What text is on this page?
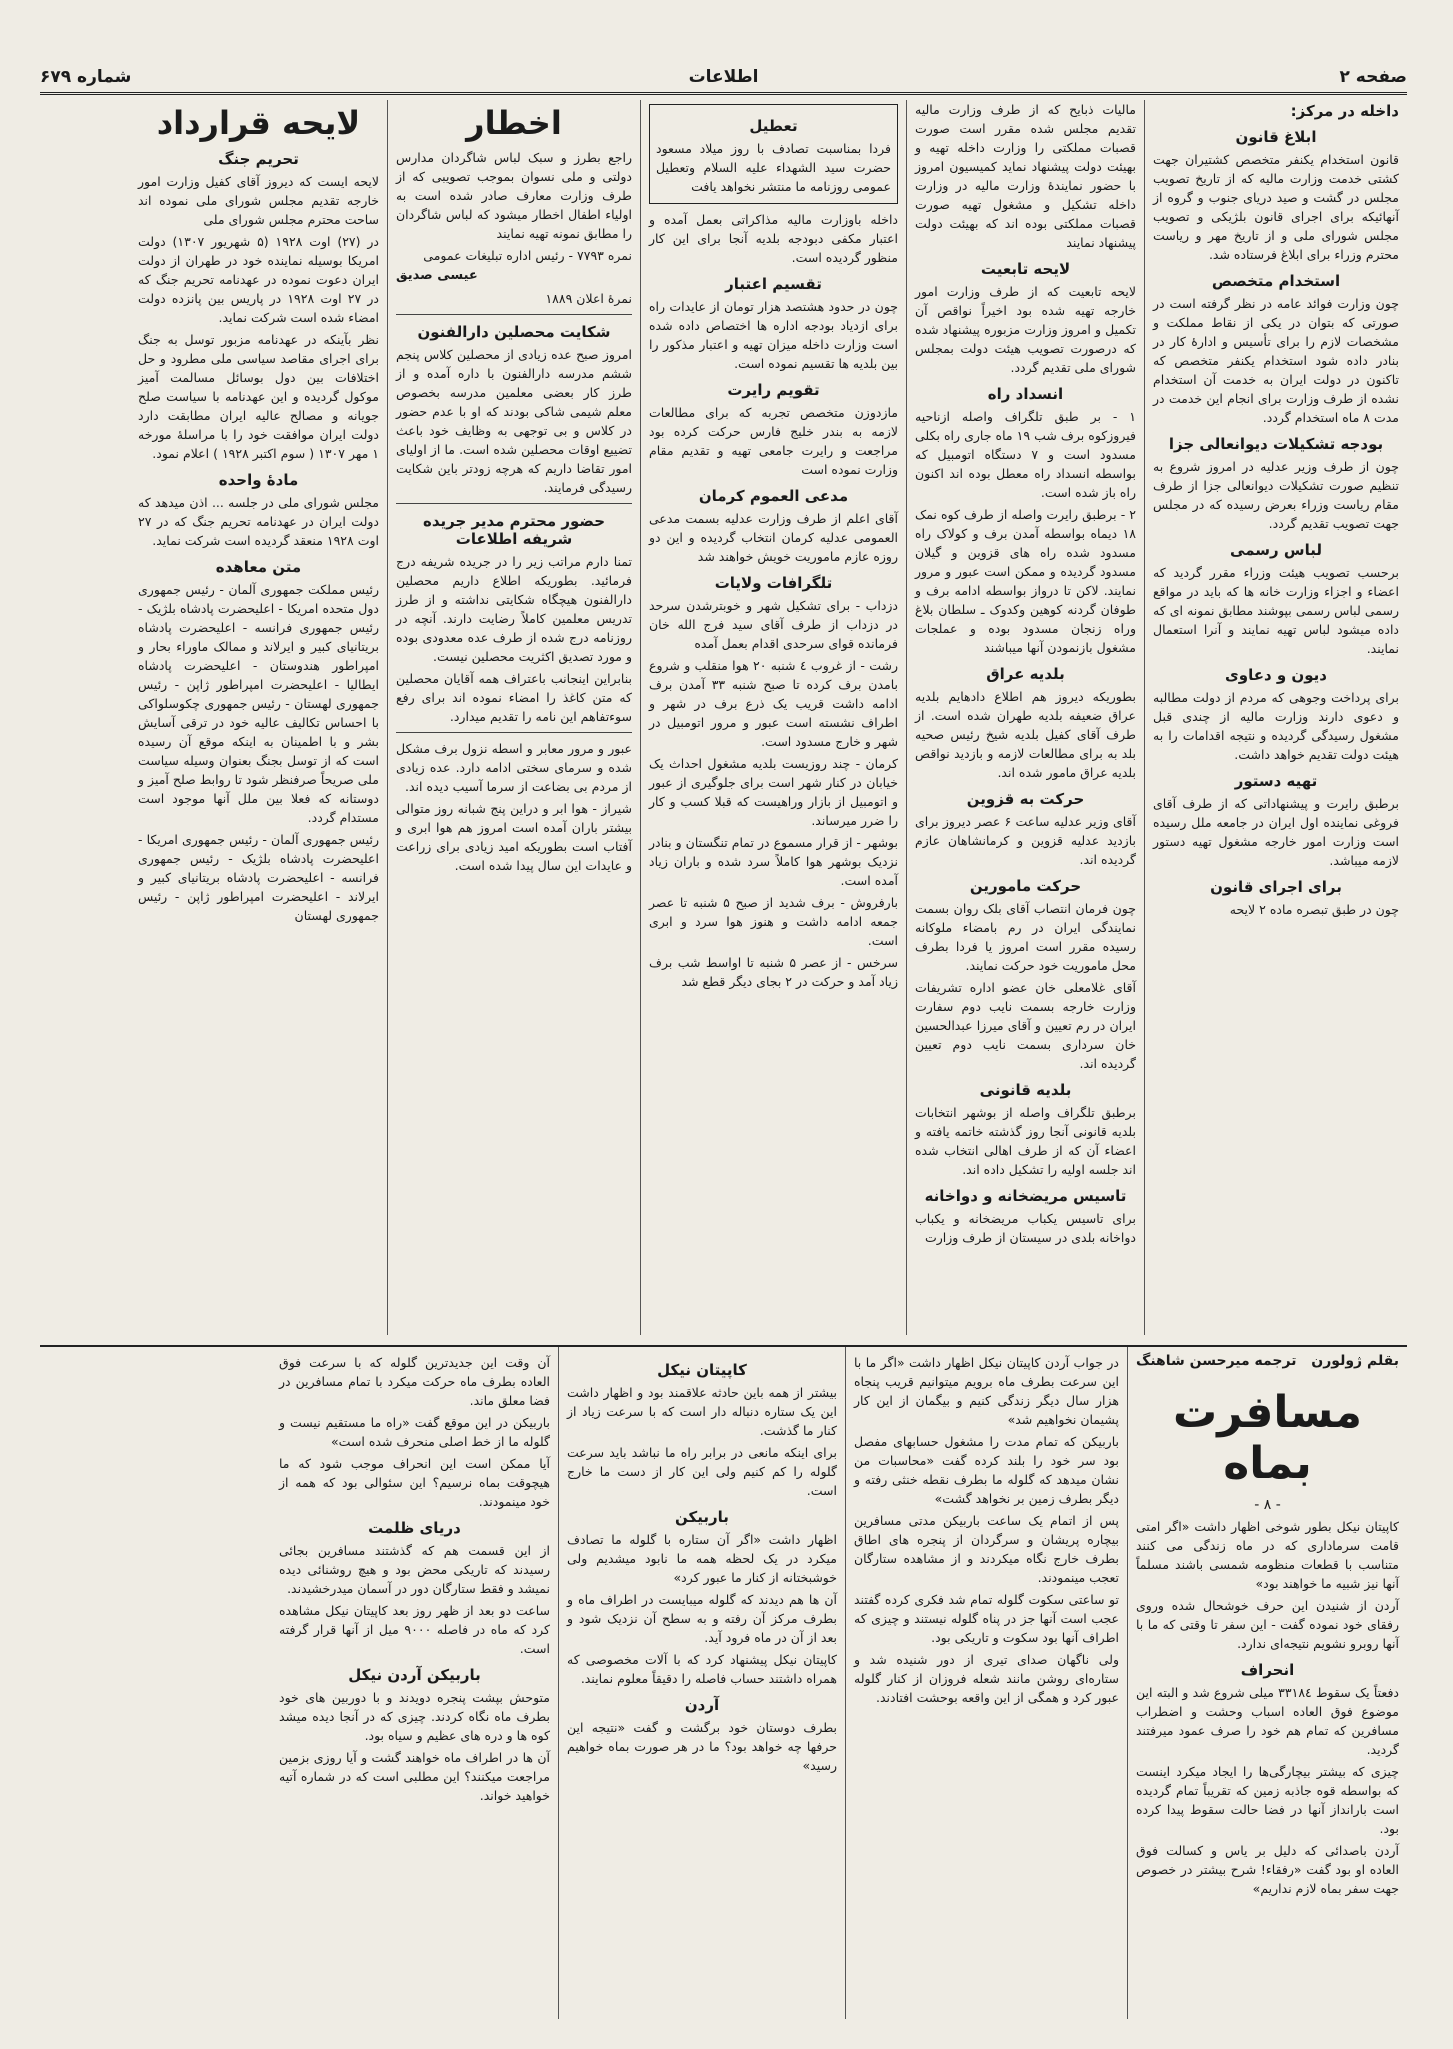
صفحه ۲
اطلاعات
شماره ۶۷۹
داخله در مرکز:
ابلاغ قانون

قانون استخدام یکنفر متخصص کشتیران جهت کشتی خدمت وزارت مالیه که از تاریخ تصویب مجلس در گشت و صید دریای جنوب و گروه از آنهائیکه برای اجرای قانون بلژیکی و تصویب مجلس شورای ملی و از تاریخ مهر و ریاست محترم وزراء برای ابلاغ فرستاده شد.

استخدام متخصص

چون وزارت فوائد عامه در نظر گرفته است در صورتی که بتوان در یکی از نقاط مملکت و مشخصات لازم را برای تأسیس و ادارهٔ کار در بنادر داده شود استخدام یکنفر متخصص که تاکنون در دولت ایران به خدمت آن استخدام نشده از طرف وزارت برای انجام این خدمت در مدت ۸ ماه استخدام گردد.

بودجه تشکیلات دیوانعالی جزا

چون از طرف وزیر عدلیه در امروز شروع به تنظیم صورت تشکیلات دیوانعالی جزا از طرف مقام ریاست وزراء بعرض رسیده که در مجلس جهت تصویب تقدیم گردد.

لباس رسمی

برحسب تصویب هیئت وزراء مقرر گردید که اعضاء و اجزاء وزارت خانه ها که باید در مواقع رسمی لباس رسمی بپوشند مطابق نمونه ای که داده میشود لباس تهیه نمایند و آنرا استعمال نمایند.

دیون و دعاوی

برای پرداخت وجوهی که مردم از دولت مطالبه و دعوی دارند وزارت مالیه از چندی قبل مشغول رسیدگی گردیده و نتیجه اقدامات را به هیئت دولت تقدیم خواهد داشت.

تهیه دستور

برطبق رایرت و پیشنهاداتی که از طرف آقای فروغی نماینده اول ایران در جامعه ملل رسیده است وزارت امور خارجه مشغول تهیه دستور لازمه میباشد.

برای اجرای قانون

چون در طبق تبصره ماده ۲ لایحه

مالیات ذبایح که از طرف وزارت مالیه تقدیم مجلس شده مقرر است صورت قصبات مملکتی را وزارت داخله تهیه و بهیئت دولت پیشنهاد نماید کمیسیون امروز با حضور نمایندهٔ وزارت مالیه در وزارت داخله تشکیل و مشغول تهیه صورت قصبات مملکتی بوده اند که بهیئت دولت پیشنهاد نمایند

لایحه تابعیت

لایحه تابعیت که از طرف وزارت امور خارجه تهیه شده بود اخیراً نواقص آن تکمیل و امروز وزارت مزبوره پیشنهاد شده که درصورت تصویب هیئت دولت بمجلس شورای ملی تقدیم گردد.

انسداد راه

۱ - بر طبق تلگراف واصله ازناحیه فیروزکوه برف شب ۱۹ ماه جاری راه بکلی مسدود است و ۷ دستگاه اتومبیل که بواسطه انسداد راه معطل بوده اند اکنون راه باز شده است.

۲ - برطبق رایرت واصله از طرف کوه نمک ۱۸ دیماه بواسطه آمدن برف و کولاک راه مسدود شده راه های قزوین و گیلان مسدود گردیده و ممکن است عبور و مرور نمایند. لاکن تا درواز بواسطه ادامه برف و طوفان گردنه کوهین وکدوک ـ سلطان بلاغ وراه زنجان مسدود بوده و عملجات مشغول بازنمودن آنها میباشند

بلدیه عراق

بطوریکه دیروز هم اطلاع دادهایم بلدیه عراق ضعیفه بلدیه طهران شده است. از طرف آقای کفیل بلدیه شیخ رئیس صحیه بلد به برای مطالعات لازمه و بازدید نواقص بلدیه عراق مامور شده اند.

حرکت به قزوین

آقای وزیر عدلیه ساعت ۶ عصر دیروز برای بازدید عدلیه قزوین و کرمانشاهان عازم گردیده اند.

حرکت مامورین

چون فرمان انتصاب آقای بلک روان بسمت نمایندگی ایران در رم بامضاء ملوکانه رسیده مقرر است امروز یا فردا بطرف محل ماموریت خود حرکت نمایند.

آقای غلامعلی خان عضو اداره تشریفات وزارت خارجه بسمت نایب دوم سفارت ایران در رم تعیین و آقای میرزا عبدالحسین خان سرداری بسمت نایب دوم تعیین گردیده اند.

بلدیه قانونی

برطبق تلگراف واصله از بوشهر انتخابات بلدیه قانونی آنجا روز گذشته خاتمه یافته و اعضاء آن که از طرف اهالی انتخاب شده اند جلسه اولیه را تشکیل داده اند.

تاسیس مریضخانه و دواخانه

برای تاسیس یکباب مریضخانه و یکباب دواخانه بلدی در سیستان از طرف وزارت

تعطیل

فردا بمناسبت تصادف با روز میلاد مسعود حضرت سید الشهداء علیه السلام وتعطیل عمومی روزنامه ما منتشر نخواهد یافت

داخله باوزارت مالیه مذاکراتی بعمل آمده و اعتبار مکفی دبودجه بلدیه آنجا برای این کار منظور گردیده است.

تقسیم اعتبار

چون در حدود هشتصد هزار تومان از عایدات راه برای ازدیاد بودجه اداره ها اختصاص داده شده است وزارت داخله میزان تهیه و اعتبار مذکور را بین بلدیه ها تقسیم نموده است.

تقویم رایرت

مازدوزن متخصص تجربه که برای مطالعات لازمه به بندر خلیج فارس حرکت کرده بود مراجعت و رایرت جامعی تهیه و تقدیم مقام وزارت نموده است

مدعی العموم کرمان

آقای اعلم از طرف وزارت عدلیه بسمت مدعی العمومی عدلیه کرمان انتخاب گردیده و این دو روزه عازم ماموریت خویش خواهند شد

تلگرافات ولایات

دزداب - برای تشکیل شهر و خوبترشدن سرحد در دزداب از طرف آقای سید فرج الله خان فرمانده قوای سرحدی اقدام بعمل آمده

رشت - از غروب ٤ شنبه ٢٠ هوا منقلب و شروع بامدن برف کرده تا صبح شنبه ٣٣ آمدن برف ادامه داشت قریب یک ذرع برف در شهر و اطراف نشسته است عبور و مرور اتومبیل در شهر و خارج مسدود است.

کرمان - چند روزیست بلدیه مشغول احداث یک خیابان در کنار شهر است برای جلوگیری از عبور و اتومبیل از بازار وراهیست که قبلا کسب و کار را ضرر میرساند.

بوشهر - از قرار مسموع در تمام تنگستان و بنادر نزدیک بوشهر هوا کاملاً سرد شده و باران زیاد آمده است.

بارفروش - برف شدید از صبح ۵ شنبه تا عصر جمعه ادامه داشت و هنوز هوا سرد و ابری است.

سرخس - از عصر ۵ شنبه تا اواسط شب برف زیاد آمد و حرکت در ۲ بجای دیگر قطع شد

اخطار

راجع بطرز و سبک لباس شاگردان مدارس دولتی و ملی نسوان بموجب تصویبی که از طرف وزارت معارف صادر شده است به اولیاء اطفال اخطار میشود که لباس شاگردان را مطابق نمونه تهیه نمایند

نمره ۷۷۹۳ - رئیس اداره تبلیغات عمومی

عیسی صدیق

نمرهٔ اعلان ۱۸۸۹

شکایت محصلین دارالفنون

امروز صبح عده زیادی از محصلین کلاس پنجم ششم مدرسه دارالفنون با داره آمده و از طرز کار بعضی معلمین مدرسه بخصوص معلم شیمی شاکی بودند که او با عدم حضور در کلاس و بی توجهی به وظایف خود باعث تضییع اوقات محصلین شده است. ما از اولیای امور تقاضا داریم که هرچه زودتر باین شکایت رسیدگی فرمایند.

حضور محترم مدیر جریده شریفه اطلاعات

تمنا دارم مراتب زیر را در جریده شریفه درج فرمائید. بطوریکه اطلاع داریم محصلین دارالفنون هیچگاه شکایتی نداشته و از طرز تدریس معلمین کاملاً رضایت دارند. آنچه در روزنامه درج شده از طرف عده معدودی بوده و مورد تصدیق اکثریت محصلین نیست.

بنابراین اینجانب باعتراف همه آقایان محصلین که متن کاغذ را امضاء نموده اند برای رفع سوءتفاهم این نامه را تقدیم میدارد.

عبور و مرور معابر و اسطه نزول برف مشکل شده و سرمای سختی ادامه دارد. عده زیادی از مردم بی بضاعت از سرما آسیب دیده اند.

شیراز - هوا ابر و دراین پنج شبانه روز متوالی بیشتر باران آمده است امروز هم هوا ابری و آفتاب است بطوریکه امید زیادی برای زراعت و عایدات این سال پیدا شده است.

لایحه قرارداد
تحریم جنگ

لایحه ایست که دیروز آقای کفیل وزارت امور خارجه تقدیم مجلس شورای ملی نموده اند ساحت محترم مجلس شورای ملی

در (۲۷) اوت ۱۹۲۸ (۵ شهریور ۱۳۰۷) دولت امریکا بوسیله نماینده خود در طهران از دولت ایران دعوت نموده در عهدنامه تحریم جنگ که در ۲۷ اوت ۱۹۲۸ در پاریس بین پانزده دولت امضاء شده است شرکت نماید.

نظر بآینکه در عهدنامه مزبور توسل به جنگ برای اجرای مقاصد سیاسی ملی مطرود و حل اختلافات بین دول بوسائل مسالمت آمیز موکول گردیده و این عهدنامه با سیاست صلح جویانه و مصالح عالیه ایران مطابقت دارد دولت ایران موافقت خود را با مراسلهٔ مورخه ۱ مهر ۱۳۰۷ ( سوم اکتبر ۱۹۲۸ ) اعلام نمود.

مادهٔ واحده

مجلس شورای ملی در جلسه ... اذن میدهد که دولت ایران در عهدنامه تحریم جنگ که در ۲۷ اوت ۱۹۲۸ منعقد گردیده است شرکت نماید.

متن معاهده

رئیس مملکت جمهوری آلمان - رئیس جمهوری دول متحده امریکا - اعلیحضرت پادشاه بلژیک - رئیس جمهوری فرانسه - اعلیحضرت پادشاه بریتانیای کبیر و ایرلاند و ممالک ماوراء بحار و امپراطور هندوستان - اعلیحضرت پادشاه ایطالیا - اعلیحضرت امپراطور ژاپن - رئیس جمهوری لهستان - رئیس جمهوری چکوسلواکی با احساس تکالیف عالیه خود در ترقی آسایش بشر و با اطمینان به اینکه موقع آن رسیده است که از توسل بجنگ بعنوان وسیله سیاست ملی صریحاً صرفنظر شود تا روابط صلح آمیز و دوستانه که فعلا بین ملل آنها موجود است مستدام گردد.

رئیس جمهوری آلمان - رئیس جمهوری امریکا - اعلیحضرت پادشاه بلژیک - رئیس جمهوری فرانسه - اعلیحضرت پادشاه بریتانیای کبیر و ایرلاند - اعلیحضرت امپراطور ژاپن - رئیس جمهوری لهستان

بقلم ژولورن
ترجمه میرحسن شاهنگ
مسافرت بماه
- ۸ -

کاپیتان نیکل بطور شوخی اظهار داشت «اگر امتی قامت سرماداری که در ماه زندگی می کنند متناسب با قطعات منظومه شمسی باشند مسلماً آنها نیز شبیه ما خواهند بود»

آردن از شنیدن این حرف خوشحال شده وروی رفقای خود نموده گفت - این سفر تا وقتی که ما با آنها روبرو نشویم نتیجه‌ای ندارد.

انحراف

دفعتاً یک سقوط ٣٣١٨٤ میلی شروع شد و البته این موضوع فوق العاده اسباب وحشت و اضطراب مسافرین که تمام هم خود را صرف عمود میرفتند گردید.

چیزی که بیشتر بیچارگی‌ها را ایجاد میکرد اینست که بواسطه قوه جاذبه زمین که تقریباً تمام گردیده است بارانداز آنها در فضا حالت سقوط پیدا کرده بود.

آردن باصدائی که دلیل بر یاس و کسالت فوق العاده او بود گفت «رفقاء! شرح بیشتر در خصوص جهت سفر بماه لازم نداریم»

در جواب آردن کاپیتان نیکل اظهار داشت «اگر ما با این سرعت بطرف ماه برویم میتوانیم قریب پنجاه هزار سال دیگر زندگی کنیم و بیگمان از این کار پشیمان نخواهیم شد»

باربیکن که تمام مدت را مشغول حسابهای مفصل بود سر خود را بلند کرده گفت «محاسبات من نشان میدهد که گلوله ما بطرف نقطه خنثی رفته و دیگر بطرف زمین بر نخواهد گشت»

پس از اتمام یک ساعت باربیکن مدتی مسافرین بیچاره پریشان و سرگردان از پنجره های اطاق بطرف خارج نگاه میکردند و از مشاهده ستارگان تعجب مینمودند.

تو ساعتی سکوت گلوله تمام شد فکری کرده گفتند عجب است آنها جز در پناه گلوله نیستند و چیزی که اطراف آنها بود سکوت و تاریکی بود.

ولی ناگهان صدای تیری از دور شنیده شد و ستاره‌ای روشن مانند شعله فروزان از کنار گلوله عبور کرد و همگی از این واقعه بوحشت افتادند.

کاپیتان نیکل

بیشتر از همه باین حادثه علاقمند بود و اظهار داشت این یک ستاره دنباله دار است که با سرعت زیاد از کنار ما گذشت.

برای اینکه مانعی در برابر راه ما نباشد باید سرعت گلوله را کم کنیم ولی این کار از دست ما خارج است.

باربیکن

اظهار داشت «اگر آن ستاره با گلوله ما تصادف میکرد در یک لحظه همه ما نابود میشدیم ولی خوشبختانه از کنار ما عبور کرد»

آن ها هم دیدند که گلوله میبایست در اطراف ماه و بطرف مرکز آن رفته و به سطح آن نزدیک شود و بعد از آن در ماه فرود آید.

کاپیتان نیکل پیشنهاد کرد که با آلات مخصوصی که همراه داشتند حساب فاصله را دقیقاً معلوم نمایند.

آردن

بطرف دوستان خود برگشت و گفت «نتیجه این حرفها چه خواهد بود؟ ما در هر صورت بماه خواهیم رسید»

آن وقت این جدیدترین گلوله که با سرعت فوق العاده بطرف ماه حرکت میکرد با تمام مسافرین در فضا معلق ماند.

باربیکن در این موقع گفت «راه ما مستقیم نیست و گلوله ما از خط اصلی منحرف شده است»

آیا ممکن است این انحراف موجب شود که ما هیچوقت بماه نرسیم؟ این سئوالی بود که همه از خود مینمودند.

دریای ظلمت

از این قسمت هم که گذشتند مسافرین بجائی رسیدند که تاریکی محض بود و هیچ روشنائی دیده نمیشد و فقط ستارگان دور در آسمان میدرخشیدند.

ساعت دو بعد از ظهر روز بعد کاپیتان نیکل مشاهده کرد که ماه در فاصله ۹۰۰۰ میل از آنها قرار گرفته است.

باربیکن آردن نیکل

متوحش بپشت پنجره دویدند و با دوربین های خود بطرف ماه نگاه کردند. چیزی که در آنجا دیده میشد کوه ها و دره های عظیم و سیاه بود.

آن ها در اطراف ماه خواهند گشت و آیا روزی بزمین مراجعت میکنند؟ این مطلبی است که در شماره آتیه خواهید خواند.
